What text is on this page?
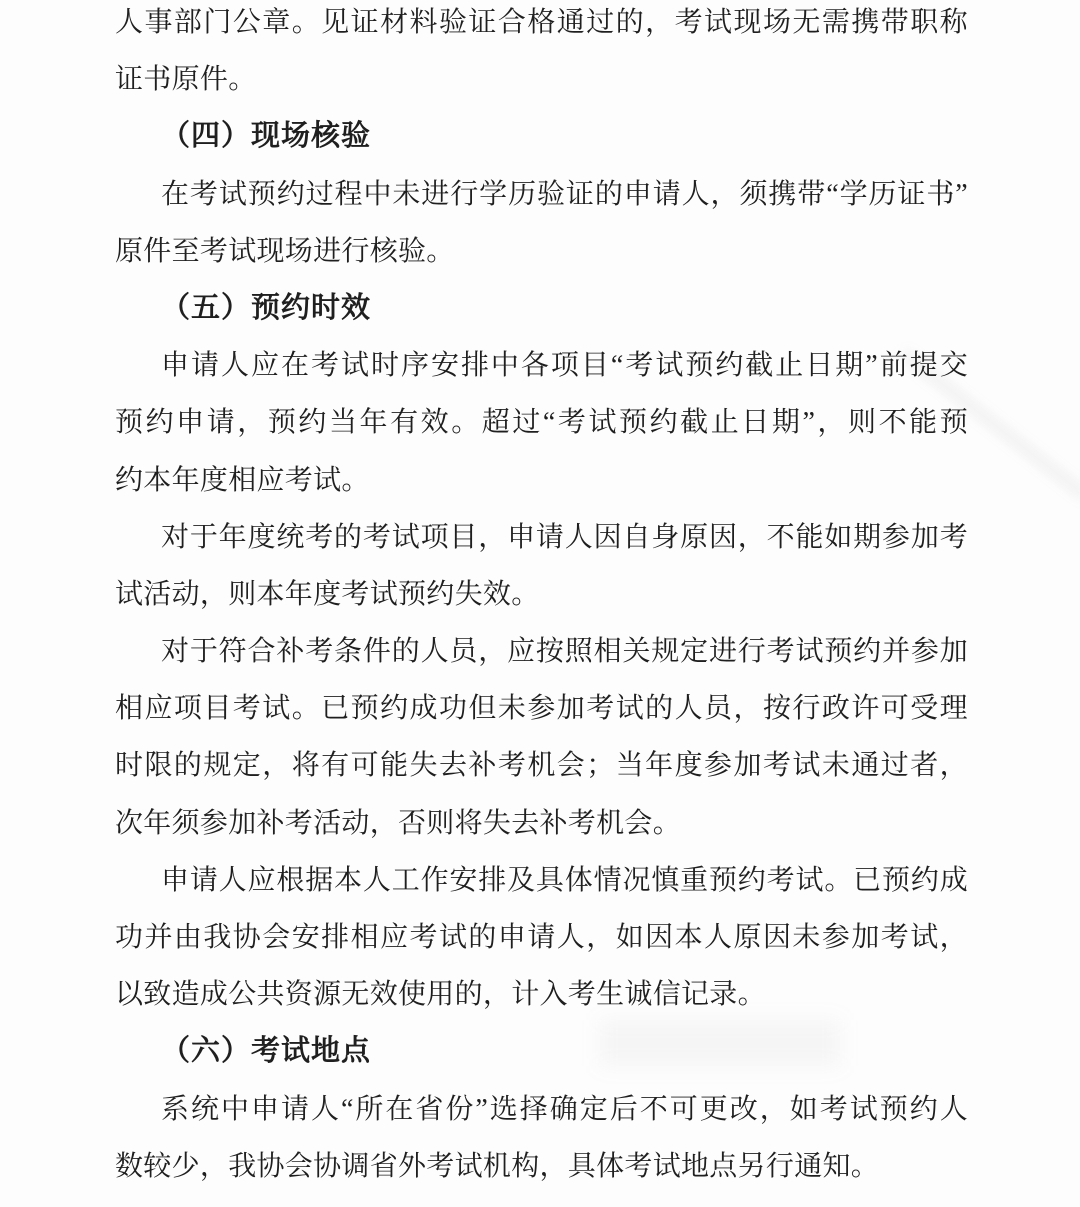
人事部门公章。见证材料验证合格通过的，考试现场无需携带职称
证书原件。
（四）现场核验
在考试预约过程中未进行学历验证的申请人，须携带“学历证书”
原件至考试现场进行核验。
（五）预约时效
申请人应在考试时序安排中各项目“考试预约截止日期”前提交
预约申请，预约当年有效。超过“考试预约截止日期”，则不能预
约本年度相应考试。
对于年度统考的考试项目，申请人因自身原因，不能如期参加考
试活动，则本年度考试预约失效。
对于符合补考条件的人员，应按照相关规定进行考试预约并参加
相应项目考试。已预约成功但未参加考试的人员，按行政许可受理
时限的规定，将有可能失去补考机会；当年度参加考试未通过者，
次年须参加补考活动，否则将失去补考机会。
申请人应根据本人工作安排及具体情况慎重预约考试。已预约成
功并由我协会安排相应考试的申请人，如因本人原因未参加考试，
以致造成公共资源无效使用的，计入考生诚信记录。
（六）考试地点
系统中申请人“所在省份”选择确定后不可更改，如考试预约人
数较少，我协会协调省外考试机构，具体考试地点另行通知。
